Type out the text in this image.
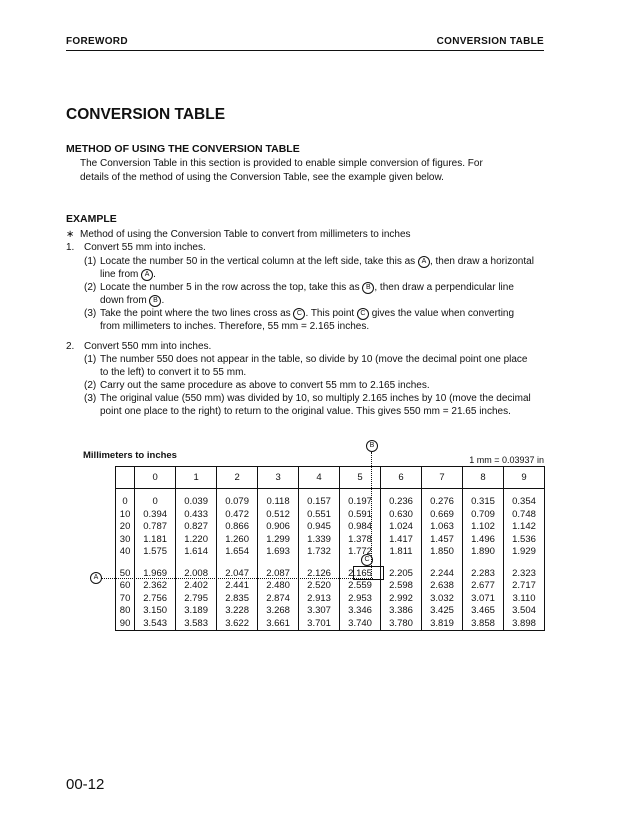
FOREWORD	CONVERSION TABLE
CONVERSION TABLE
METHOD OF USING THE CONVERSION TABLE
The Conversion Table in this section is provided to enable simple conversion of figures. For
details of the method of using the Conversion Table, see the example given below.
EXAMPLE
∗ Method of using the Conversion Table to convert from millimeters to inches
1. Convert 55 mm into inches.
(1) Locate the number 50 in the vertical column at the left side, take this as A , then draw a horizontal
line from A .
(2) Locate the number 5 in the row across the top, take this as B , then draw a perpendicular line
down from B .
(3) Take the point where the two lines cross as C . This point C gives the value when converting
from millimeters to inches. Therefore, 55 mm = 2.165 inches.
2. Convert 550 mm into inches.
(1) The number 550 does not appear in the table, so divide by 10 (move the decimal point one place
to the left) to convert it to 55 mm.
(2) Carry out the same procedure as above to convert 55 mm to 2.165 inches.
(3) The original value (550 mm) was divided by 10, so multiply 2.165 inches by 10 (move the decimal
point one place to the right) to return to the original value. This gives 550 mm = 21.65 inches.
Millimeters to inches	1 mm = 0.03937 in
B
	0	1	2	3	4	5	6	7	8	9

0	0	0.039	0.079	0.118	0.157	0.197	0.236	0.276	0.315	0.354
10	0.394	0.433	0.472	0.512	0.551	0.591	0.630	0.669	0.709	0.748
20	0.787	0.827	0.866	0.906	0.945	0.984	1.024	1.063	1.102	1.142
30	1.181	1.220	1.260	1.299	1.339	1.378	1.417	1.457	1.496	1.536
40	1.575	1.614	1.654	1.693	1.732	1.772	1.811	1.850	1.890	1.929

50	1.969	2.008	2.047	2.087	2.126	2.165	2.205	2.244	2.283	2.323
60	2.362	2.402	2.441	2.480	2.520	2.559	2.598	2.638	2.677	2.717
70	2.756	2.795	2.835	2.874	2.913	2.953	2.992	3.032	3.071	3.110
80	3.150	3.189	3.228	3.268	3.307	3.346	3.386	3.425	3.465	3.504
90	3.543	3.583	3.622	3.661	3.701	3.740	3.780	3.819	3.858	3.898
A
C
00-12
